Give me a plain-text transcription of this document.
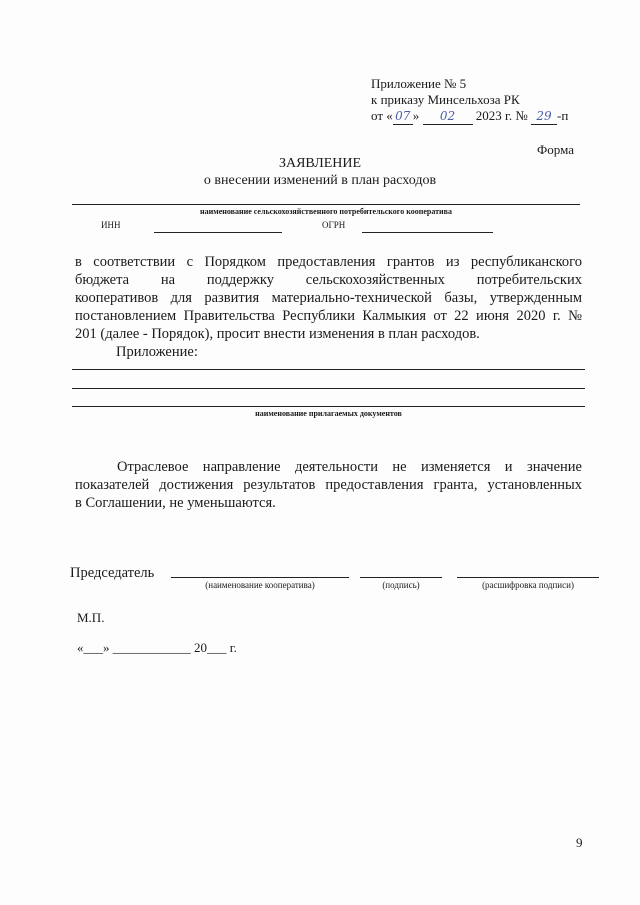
Приложение № 5
к приказу Минсельхоза РК
от « 07 » 02 2023 г. № 29 -п
Форма
ЗАЯВЛЕНИЕ
о внесении изменений в план расходов
наименование сельскохозяйственного потребительского кооператива
ИНН	ОГРН
в соответствии с Порядком предоставления грантов из республиканского
бюджета на поддержку сельскохозяйственных потребительских
кооперативов для развития материально-технической базы, утвержденным
постановлением Правительства Республики Калмыкия от 22 июня 2020 г. №
201 (далее - Порядок), просит внести изменения в план расходов.
Приложение:
наименование прилагаемых документов
Отраслевое направление деятельности не изменяется и значение
показателей достижения результатов предоставления гранта, установленных
в Соглашении, не уменьшаются.
Председатель
(наименование кооператива)	(подпись)	(расшифровка подписи)
М.П.
«___» ____________ 20___ г.
9
